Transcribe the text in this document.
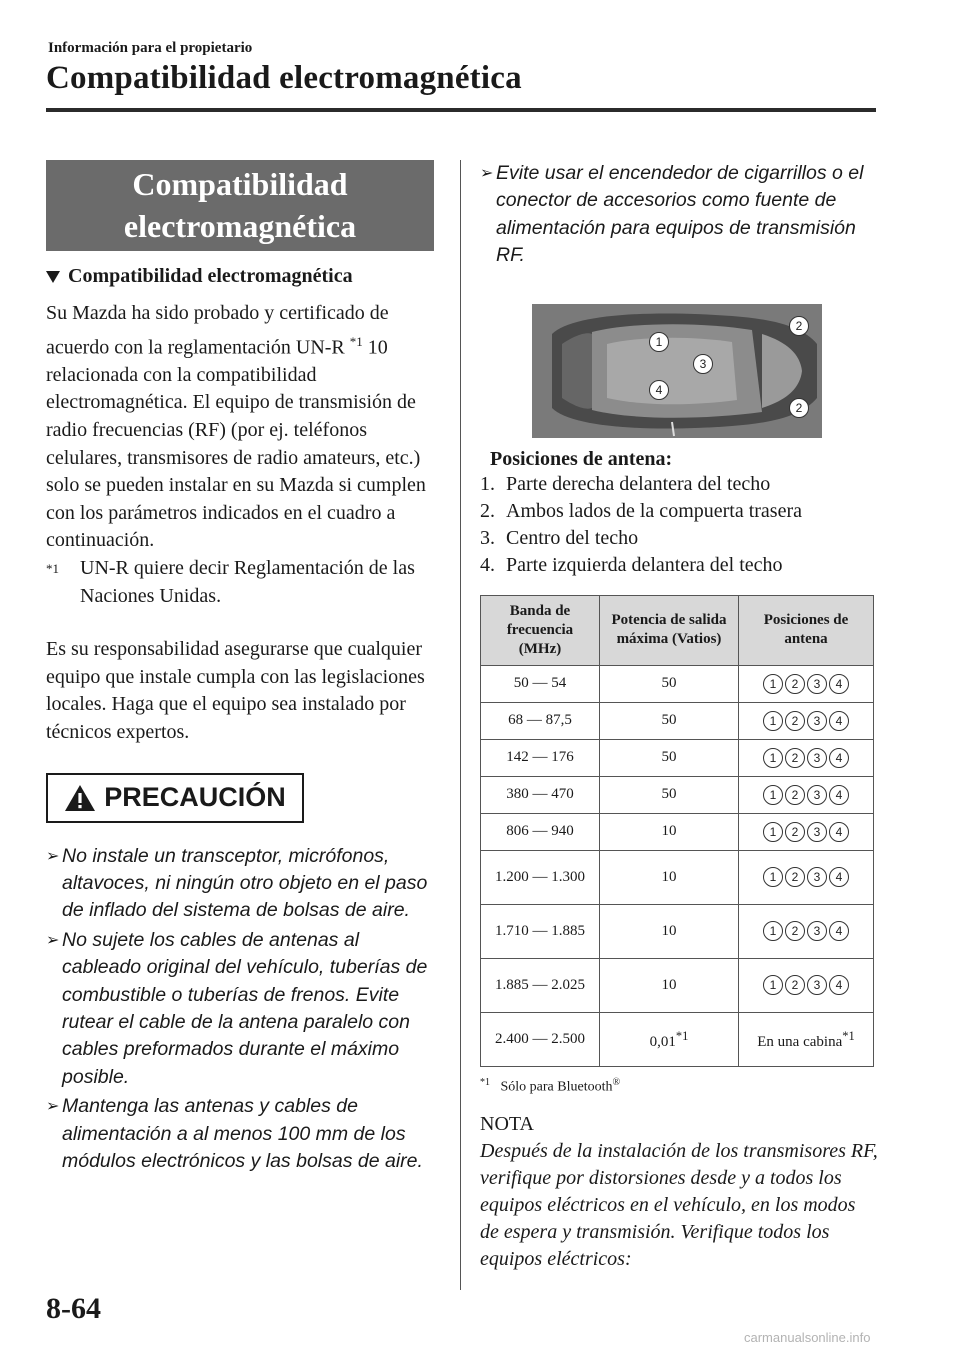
Información para el propietario
Compatibilidad electromagnética
Compatibilidad
electromagnética
Compatibilidad electromagnética
Su Mazda ha sido probado y certificado de acuerdo con la reglamentación UN-R $^{*1}$ 10 relacionada con la compatibilidad electromagnética. El equipo de transmisión de radio frecuencias (RF) (por ej. teléfonos celulares, transmisores de radio amateurs, etc.) solo se pueden instalar en su Mazda si cumplen con los parámetros indicados en el cuadro a continuación.
$^{*1}$	UN-R quiere decir Reglamentación de las Naciones Unidas.
Es su responsabilidad asegurarse que cualquier equipo que instale cumpla con las legislaciones locales. Haga que el equipo sea instalado por técnicos expertos.
PRECAUCIÓN
➢ No instale un transceptor, micrófonos, altavoces, ni ningún otro objeto en el paso de inflado del sistema de bolsas de aire.
➢ No sujete los cables de antenas al cableado original del vehículo, tuberías de combustible o tuberías de frenos. Evite rutear el cable de la antena paralelo con cables preformados durante el máximo posible.
➢ Mantenga las antenas y cables de alimentación a al menos 100 mm de los módulos electrónicos y las bolsas de aire.
➢ Evite usar el encendedor de cigarrillos o el conector de accesorios como fuente de alimentación para equipos de transmisión RF.
1
2
3
4
2
Posiciones de antena:
1. Parte derecha delantera del techo
2. Ambos lados de la compuerta trasera
3. Centro del techo
4. Parte izquierda delantera del techo
Banda de frecuencia (MHz)	Potencia de salida máxima (Vatios)	Posiciones de antena
50 — 54	50	1 2 3 4
68 — 87,5	50	1 2 3 4
142 — 176	50	1 2 3 4
380 — 470	50	1 2 3 4
806 — 940	10	1 2 3 4
1.200 — 1.300	10	1 2 3 4
1.710 — 1.885	10	1 2 3 4
1.885 — 2.025	10	1 2 3 4
2.400 — 2.500	0,01$^{*1}$	En una cabina$^{*1}$
$^{*1}$ Sólo para Bluetooth®
NOTA
Después de la instalación de los transmisores RF, verifique por distorsiones desde y a todos los equipos eléctricos en el vehículo, en los modos de espera y transmisión. Verifique todos los equipos eléctricos:
8-64
carmanualsonline.info
